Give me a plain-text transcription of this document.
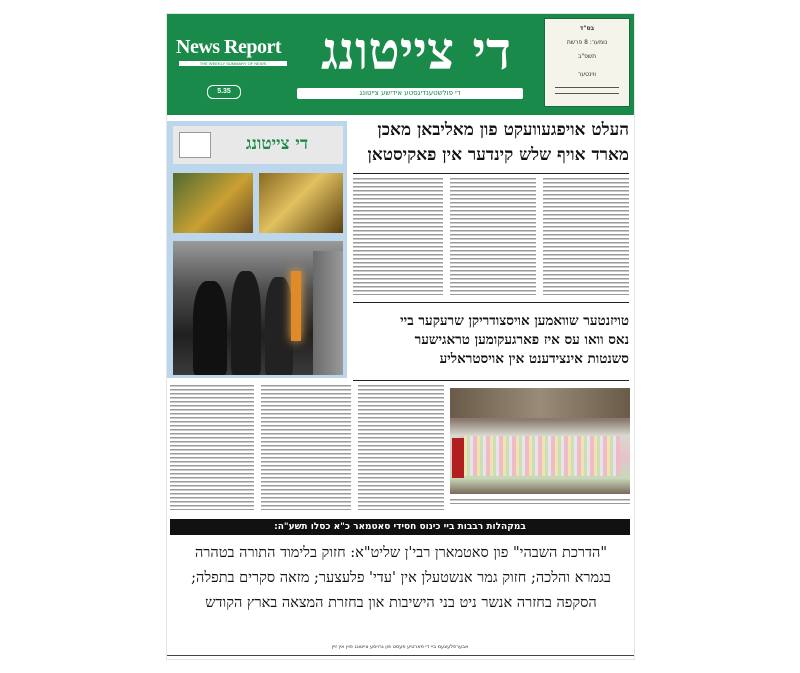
News Report
THE WEEKLY SUMMARY OF NEWS
5.35
די צייטונג
די פולשטענדיגסטע אידישע צייטונג
בס"ד
נומער: 8 פרשת
תשפ"ב
ווינטער
העלט אויפגעוועקט פון מאליבאן מאכן
מארד אויף שלש קינדער אין פאקיסטאן
די צייטונג
טויזנטער שוואמען אויסצודריקן שרעקער ביי
נאס וואו עס איז פארגעקומען טראגישער
סשנטות אינצידענט אין אויסטראליע
במקהלות רבבות ביי כינוס חסידי סאטמאר כ"א כסלו תשע"ה:
"הדרכת השבהי" פון סאטמארן רבי'ן שליט"א: חזוק בלימוד התורה בטהרה
בגמרא והלכה; חזוק גמר אנשטעלן אין 'עדי' פלעצער; מזאה סקרים בתפלה;
הסקפה בחזרה אנשר ניט בני הישיבות און בחזרת המצאה בארץ הקודש
אבערפלעצעמ ביי די פארטיע פעסט פון גרויסע צייטונג פוין אין זיין
